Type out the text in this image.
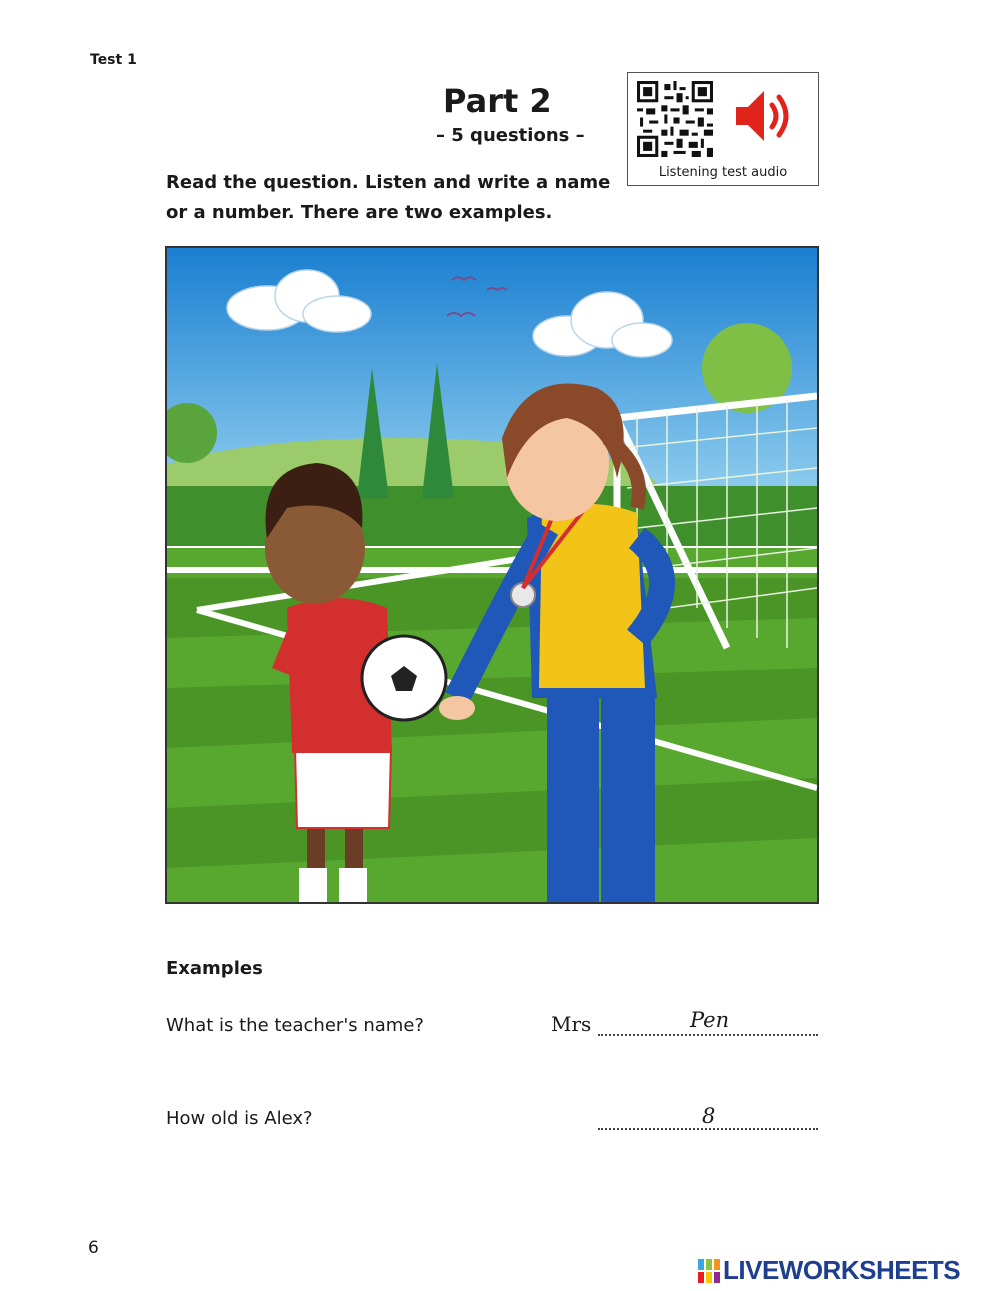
Test 1
Part 2
– 5 questions –
Read the question. Listen and write a name or a number. There are two examples.
Listening test audio
Examples
What is the teacher's name?	Mrs	Pen
How old is Alex?	8
6
LIVEWORKSHEETS
